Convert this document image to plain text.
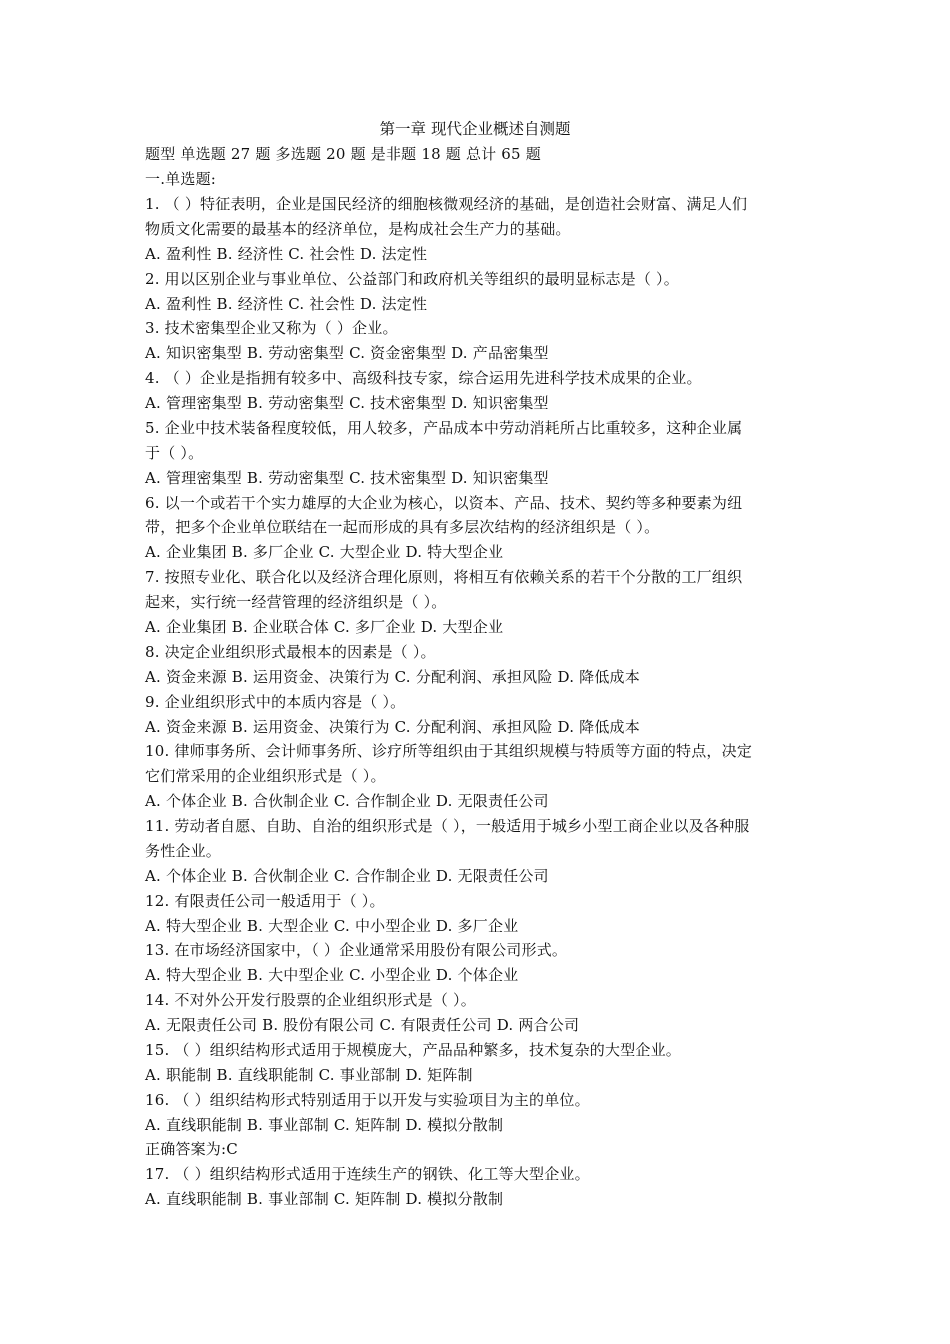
第一章 现代企业概述自测题
题型 单选题 27 题 多选题 20 题 是非题 18 题 总计 65 题
一.单选题:
1. （ ）特征表明，企业是国民经济的细胞核微观经济的基础，是创造社会财富、满足人们
物质文化需要的最基本的经济单位，是构成社会生产力的基础。
A. 盈利性 B. 经济性 C. 社会性 D. 法定性
2. 用以区别企业与事业单位、公益部门和政府机关等组织的最明显标志是（ ）。
A. 盈利性 B. 经济性 C. 社会性 D. 法定性
3. 技术密集型企业又称为（ ）企业。
A. 知识密集型 B. 劳动密集型 C. 资金密集型 D. 产品密集型
4. （ ）企业是指拥有较多中、高级科技专家，综合运用先进科学技术成果的企业。
A. 管理密集型 B. 劳动密集型 C. 技术密集型 D. 知识密集型
5. 企业中技术装备程度较低，用人较多，产品成本中劳动消耗所占比重较多，这种企业属
于（ ）。
A. 管理密集型 B. 劳动密集型 C. 技术密集型 D. 知识密集型
6. 以一个或若干个实力雄厚的大企业为核心，以资本、产品、技术、契约等多种要素为纽
带，把多个企业单位联结在一起而形成的具有多层次结构的经济组织是（ ）。
A. 企业集团 B. 多厂企业 C. 大型企业 D. 特大型企业
7. 按照专业化、联合化以及经济合理化原则，将相互有依赖关系的若干个分散的工厂组织
起来，实行统一经营管理的经济组织是（ ）。
A. 企业集团 B. 企业联合体 C. 多厂企业 D. 大型企业
8. 决定企业组织形式最根本的因素是（ ）。
A. 资金来源 B. 运用资金、决策行为 C. 分配利润、承担风险 D. 降低成本
9. 企业组织形式中的本质内容是（ ）。
A. 资金来源 B. 运用资金、决策行为 C. 分配利润、承担风险 D. 降低成本
10. 律师事务所、会计师事务所、诊疗所等组织由于其组织规模与特质等方面的特点，决定
它们常采用的企业组织形式是（ ）。
A. 个体企业 B. 合伙制企业 C. 合作制企业 D. 无限责任公司
11. 劳动者自愿、自助、自治的组织形式是（ ），一般适用于城乡小型工商企业以及各种服
务性企业。
A. 个体企业 B. 合伙制企业 C. 合作制企业 D. 无限责任公司
12. 有限责任公司一般适用于（ ）。
A. 特大型企业 B. 大型企业 C. 中小型企业 D. 多厂企业
13. 在市场经济国家中，（ ）企业通常采用股份有限公司形式。
A. 特大型企业 B. 大中型企业 C. 小型企业 D. 个体企业
14. 不对外公开发行股票的企业组织形式是（ ）。
A. 无限责任公司 B. 股份有限公司 C. 有限责任公司 D. 两合公司
15. （ ）组织结构形式适用于规模庞大，产品品种繁多，技术复杂的大型企业。
A. 职能制 B. 直线职能制 C. 事业部制 D. 矩阵制
16. （ ）组织结构形式特别适用于以开发与实验项目为主的单位。
A. 直线职能制 B. 事业部制 C. 矩阵制 D. 模拟分散制
正确答案为:C
17. （ ）组织结构形式适用于连续生产的钢铁、化工等大型企业。
A. 直线职能制 B. 事业部制 C. 矩阵制 D. 模拟分散制
